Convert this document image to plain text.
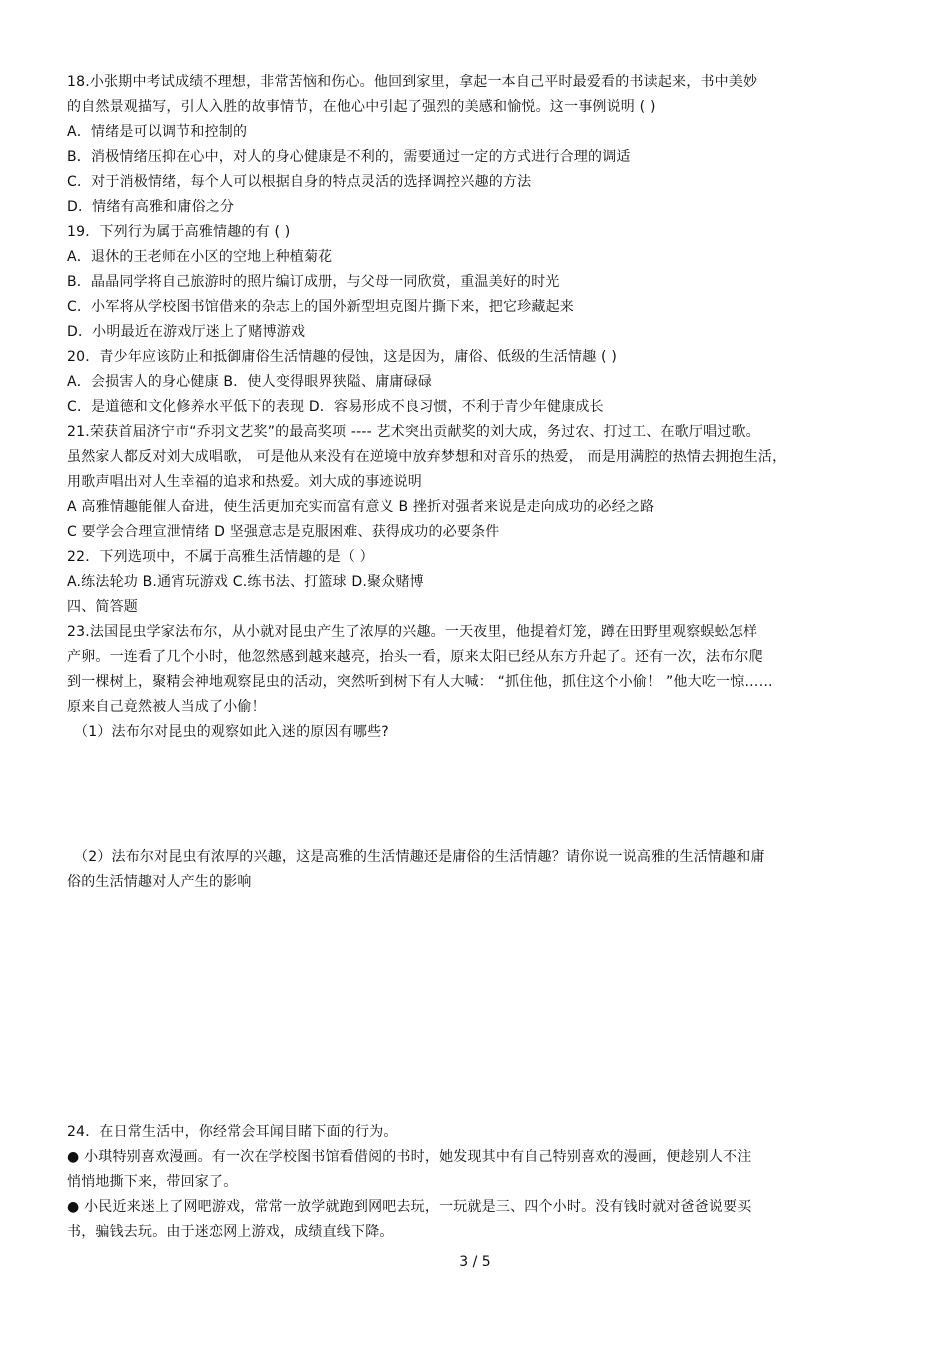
18.小张期中考试成绩不理想，非常苦恼和伤心。他回到家里，拿起一本自己平时最爱看的书读起来，书中美妙
的自然景观描写，引人入胜的故事情节，在他心中引起了强烈的美感和愉悦。这一事例说明 ( )
A．情绪是可以调节和控制的
B．消极情绪压抑在心中，对人的身心健康是不利的，需要通过一定的方式进行合理的调适
C．对于消极情绪，每个人可以根据自身的特点灵活的选择调控兴趣的方法
D．情绪有高雅和庸俗之分
19．下列行为属于高雅情趣的有 ( )
A．退休的王老师在小区的空地上种植菊花
B．晶晶同学将自己旅游时的照片编订成册，与父母一同欣赏，重温美好的时光
C．小军将从学校图书馆借来的杂志上的国外新型坦克图片撕下来，把它珍藏起来
D．小明最近在游戏厅迷上了赌博游戏
20．青少年应该防止和抵御庸俗生活情趣的侵蚀，这是因为，庸俗、低级的生活情趣 ( )
A．会损害人的身心健康 B．使人变得眼界狭隘、庸庸碌碌
C．是道德和文化修养水平低下的表现 D．容易形成不良习惯，不利于青少年健康成长
21.荣获首届济宁市“乔羽文艺奖”的最高奖项 ---- 艺术突出贡献奖的刘大成，务过农、打过工、在歌厅唱过歌。
虽然家人都反对刘大成唱歌， 可是他从来没有在逆境中放弃梦想和对音乐的热爱， 而是用满腔的热情去拥抱生活，
用歌声唱出对人生幸福的追求和热爱。刘大成的事迹说明
A 高雅情趣能催人奋进，使生活更加充实而富有意义 B 挫折对强者来说是走向成功的必经之路
C 要学会合理宣泄情绪 D 坚强意志是克服困难、获得成功的必要条件
22．下列选项中，不属于高雅生活情趣的是（ ）
A.练法轮功 B.通宵玩游戏 C.练书法、打篮球 D.聚众赌博
四、简答题
23.法国昆虫学家法布尔，从小就对昆虫产生了浓厚的兴趣。一天夜里，他提着灯笼，蹲在田野里观察蜈蚣怎样
产卵。一连看了几个小时，他忽然感到越来越亮，抬头一看，原来太阳已经从东方升起了。还有一次，法布尔爬
到一棵树上，聚精会神地观察昆虫的活动，突然听到树下有人大喊： “抓住他，抓住这个小偷！ ”他大吃一惊……
原来自己竟然被人当成了小偷！
（1）法布尔对昆虫的观察如此入迷的原因有哪些?
（2）法布尔对昆虫有浓厚的兴趣，这是高雅的生活情趣还是庸俗的生活情趣？请你说一说高雅的生活情趣和庸
俗的生活情趣对人产生的影响
24．在日常生活中，你经常会耳闻目睹下面的行为。
● 小琪特别喜欢漫画。有一次在学校图书馆看借阅的书时，她发现其中有自己特别喜欢的漫画，便趁别人不注
悄悄地撕下来，带回家了。
● 小民近来迷上了网吧游戏，常常一放学就跑到网吧去玩，一玩就是三、四个小时。没有钱时就对爸爸说要买
书，骗钱去玩。由于迷恋网上游戏，成绩直线下降。
3 / 5
